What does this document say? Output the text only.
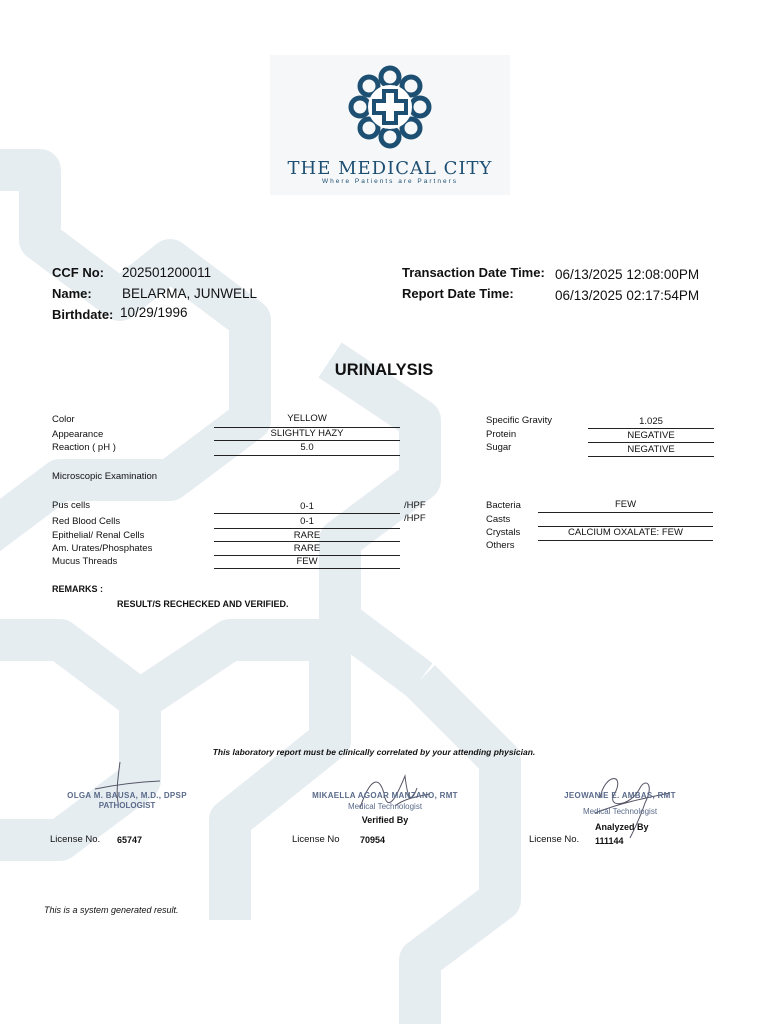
THE MEDICAL CITY
Where Patients are Partners
CCF No: 202501200011
Name: BELARMA, JUNWELL
Birthdate: 10/29/1996
Transaction Date Time: 06/13/2025 12:08:00PM
Report Date Time:	06/13/2025 02:17:54PM
URINALYSIS
Color	YELLOW
Appearance	SLIGHTLY HAZY
Reaction ( pH )	5.0
Specific Gravity	1.025
Protein	NEGATIVE
Sugar	NEGATIVE
Microscopic Examination
Pus cells	0-1	/HPF
Red Blood Cells	0-1	/HPF
Epithelial/ Renal Cells	RARE
Am. Urates/Phosphates	RARE
Mucus Threads	FEW
Bacteria	FEW
Casts
Crystals	CALCIUM OXALATE: FEW
Others
REMARKS :
RESULT/S RECHECKED AND VERIFIED.
This laboratory report must be clinically correlated by your attending physician.
OLGA M. BAUSA, M.D., DPSP
PATHOLOGIST
License No. 65747
MIKAELLA AGOAR MANZANO, RMT
Medical Technologist
Verified By
License No 70954
JEOWANIE E. AMBAS, RMT
Medical Technologist
Analyzed By
License No. 111144
This is a system generated result.
